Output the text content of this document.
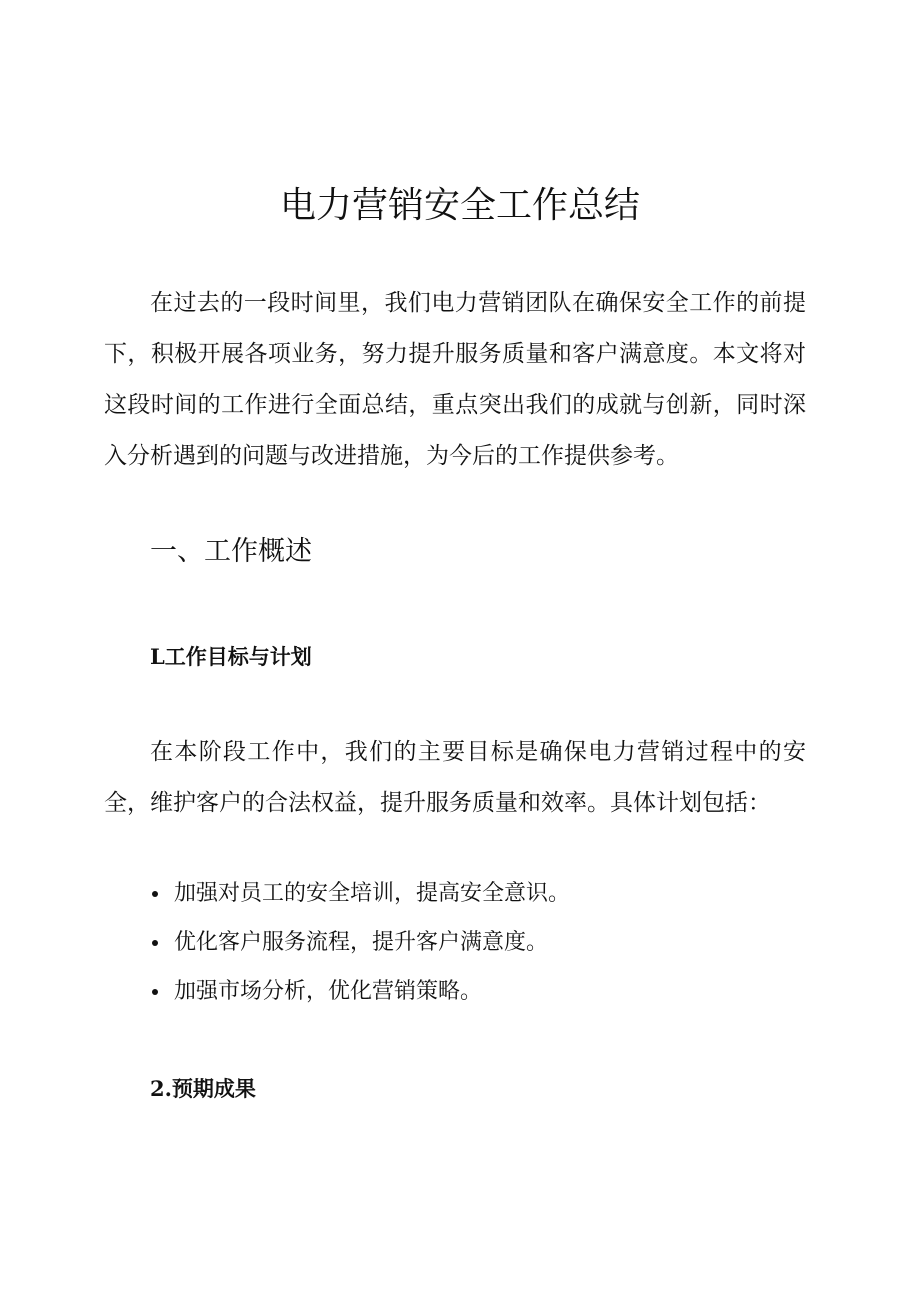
电力营销安全工作总结

在过去的一段时间里，我们电力营销团队在确保安全工作的前提下，积极开展各项业务，努力提升服务质量和客户满意度。本文将对这段时间的工作进行全面总结，重点突出我们的成就与创新，同时深入分析遇到的问题与改进措施，为今后的工作提供参考。

一、工作概述
L工作目标与计划

在本阶段工作中，我们的主要目标是确保电力营销过程中的安全，维护客户的合法权益，提升服务质量和效率。具体计划包括：

加强对员工的安全培训，提高安全意识。
优化客户服务流程，提升客户满意度。
加强市场分析，优化营销策略。
2.预期成果
